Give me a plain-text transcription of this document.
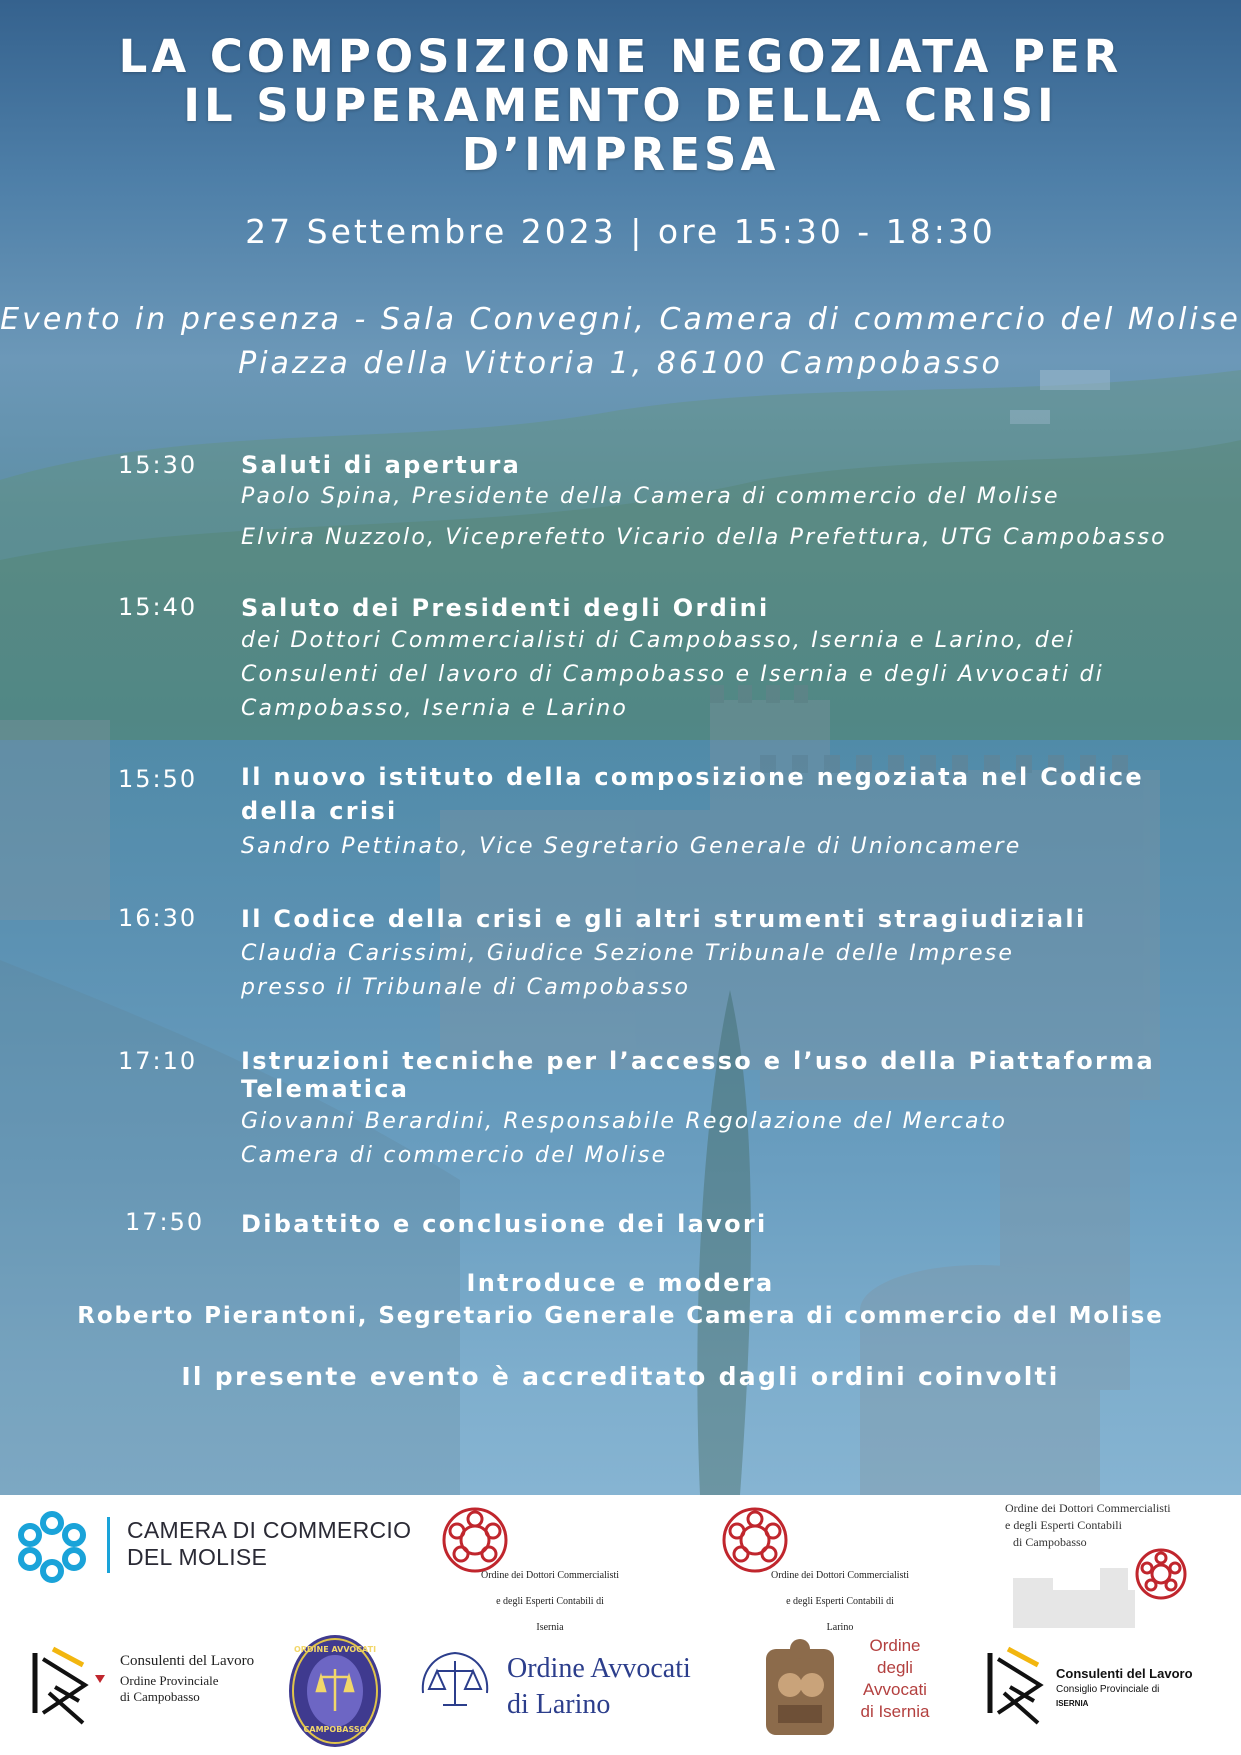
LA COMPOSIZIONE NEGOZIATA PER
IL SUPERAMENTO DELLA CRISI
D’IMPRESA
27 Settembre 2023 | ore 15:30 - 18:30
Evento in presenza - Sala Convegni, Camera di commercio del Molise
Piazza della Vittoria 1, 86100 Campobasso
15:30 Saluti di apertura
Paolo Spina, Presidente della Camera di commercio del Molise
Elvira Nuzzolo, Viceprefetto Vicario della Prefettura, UTG Campobasso
15:40 Saluto dei Presidenti degli Ordini
dei Dottori Commercialisti di Campobasso, Isernia e Larino, dei
Consulenti del lavoro di Campobasso e Isernia e degli Avvocati di
Campobasso, Isernia e Larino
15:50 Il nuovo istituto della composizione negoziata nel Codice
della crisi
Sandro Pettinato, Vice Segretario Generale di Unioncamere
16:30 Il Codice della crisi e gli altri strumenti stragiudiziali
Claudia Carissimi, Giudice Sezione Tribunale delle Imprese
presso il Tribunale di Campobasso
17:10 Istruzioni tecniche per l’accesso e l’uso della Piattaforma
Telematica
Giovanni Berardini, Responsabile Regolazione del Mercato
Camera di commercio del Molise
17:50 Dibattito e conclusione dei lavori
Introduce e modera
Roberto Pierantoni, Segretario Generale Camera di commercio del Molise
Il presente evento è accreditato dagli ordini coinvolti
CAMERA DI COMMERCIO
DEL MOLISE
Ordine dei Dottori Commercialisti
e degli Esperti Contabili di
Isernia
Ordine dei Dottori Commercialisti
e degli Esperti Contabili di
Larino
Ordine dei Dottori Commercialisti
e degli Esperti Contabili
di Campobasso
Consulenti del Lavoro
Ordine Provinciale
di Campobasso
ORDINE AVVOCATI
CAMPOBASSO
Ordine Avvocati
di Larino
Ordine
degli
Avvocati
di Isernia
Consulenti del Lavoro
Consiglio Provinciale di
ISERNIA
